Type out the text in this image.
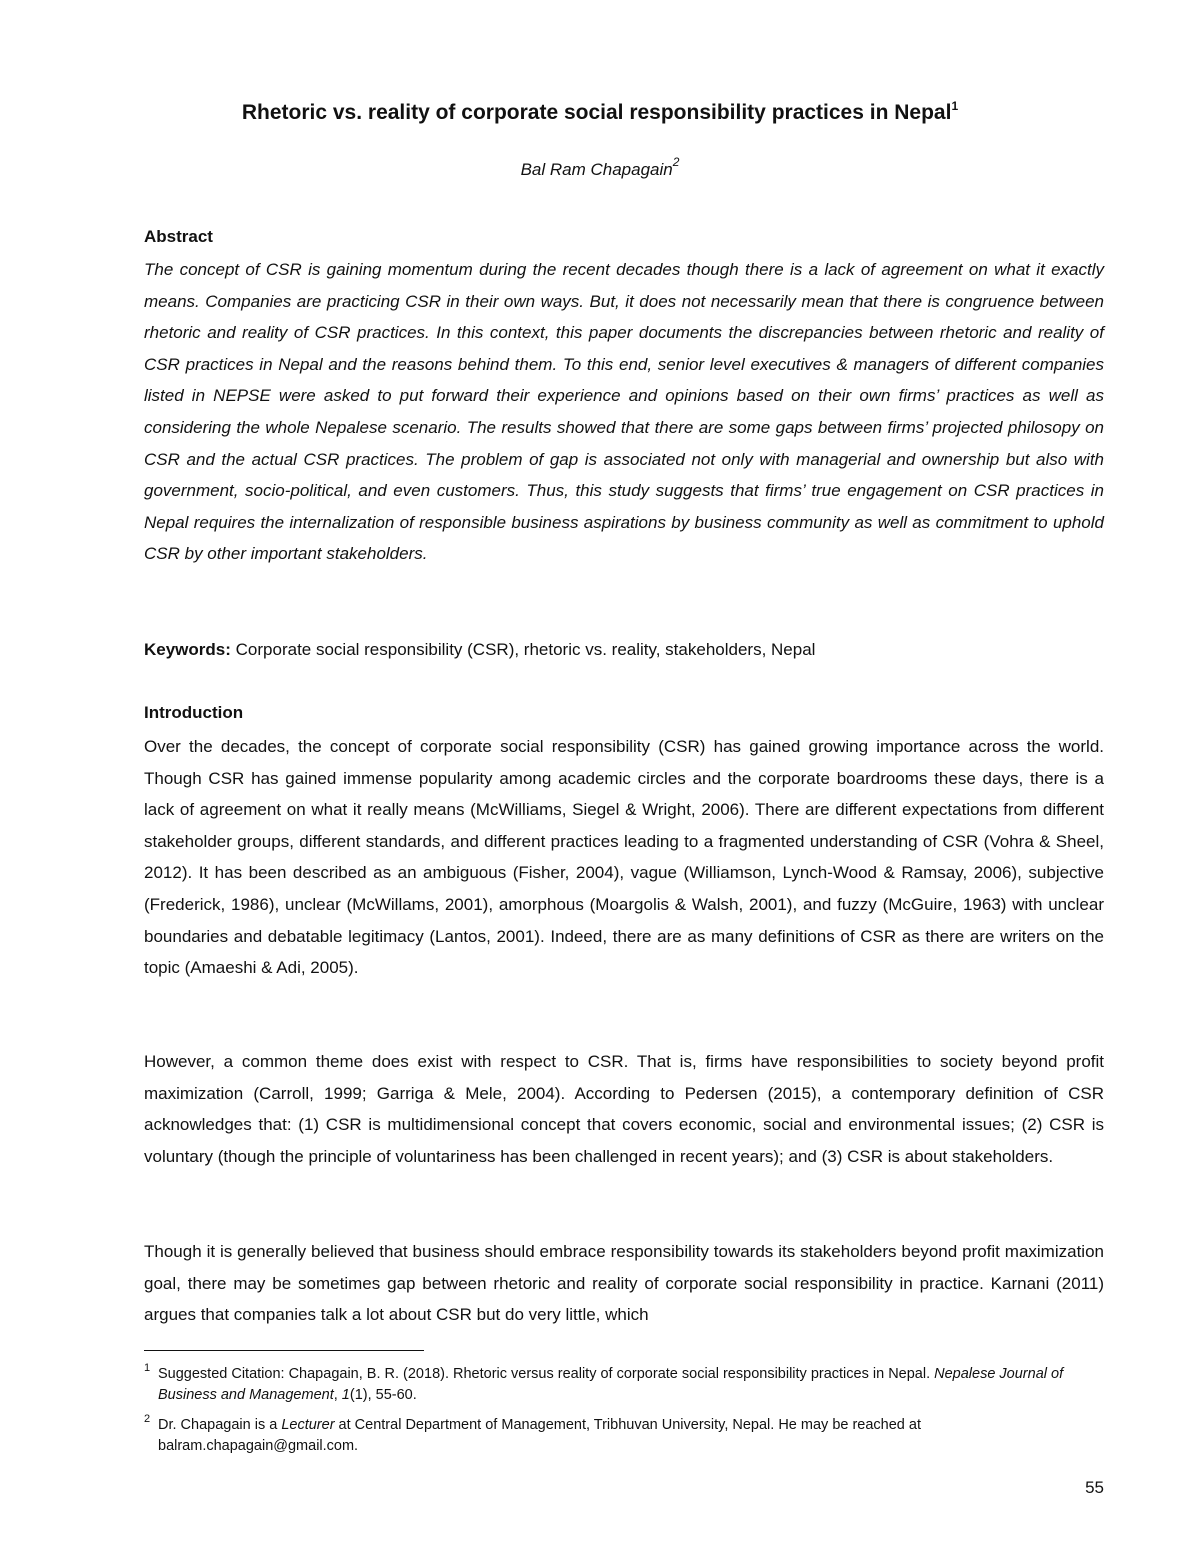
Rhetoric vs. reality of corporate social responsibility practices in Nepal$^1$
Bal Ram Chapagain$^2$
Abstract
The concept of CSR is gaining momentum during the recent decades though there is a lack of agreement on what it exactly means. Companies are practicing CSR in their own ways. But, it does not necessarily mean that there is congruence between rhetoric and reality of CSR practices. In this context, this paper documents the discrepancies between rhetoric and reality of CSR practices in Nepal and the reasons behind them. To this end, senior level executives & managers of different companies listed in NEPSE were asked to put forward their experience and opinions based on their own firms’ practices as well as considering the whole Nepalese scenario. The results showed that there are some gaps between firms’ projected philosopy on CSR and the actual CSR practices. The problem of gap is associated not only with managerial and ownership but also with government, socio-political, and even customers. Thus, this study suggests that firms’ true engagement on CSR practices in Nepal requires the internalization of responsible business aspirations by business community as well as commitment to uphold CSR by other important stakeholders.
Keywords: Corporate social responsibility (CSR), rhetoric vs. reality, stakeholders, Nepal
Introduction
Over the decades, the concept of corporate social responsibility (CSR) has gained growing importance across the world. Though CSR has gained immense popularity among academic circles and the corporate boardrooms these days, there is a lack of agreement on what it really means (McWilliams, Siegel & Wright, 2006). There are different expectations from different stakeholder groups, different standards, and different practices leading to a fragmented understanding of CSR (Vohra & Sheel, 2012). It has been described as an ambiguous (Fisher, 2004), vague (Williamson, Lynch-Wood & Ramsay, 2006), subjective (Frederick, 1986), unclear (McWillams, 2001), amorphous (Moargolis & Walsh, 2001), and fuzzy (McGuire, 1963) with unclear boundaries and debatable legitimacy (Lantos, 2001). Indeed, there are as many definitions of CSR as there are writers on the topic (Amaeshi & Adi, 2005).
However, a common theme does exist with respect to CSR. That is, firms have responsibilities to society beyond profit maximization (Carroll, 1999; Garriga & Mele, 2004). According to Pedersen (2015), a contemporary definition of CSR acknowledges that: (1) CSR is multidimensional concept that covers economic, social and environmental issues; (2) CSR is voluntary (though the principle of voluntariness has been challenged in recent years); and (3) CSR is about stakeholders.
Though it is generally believed that business should embrace responsibility towards its stakeholders beyond profit maximization goal, there may be sometimes gap between rhetoric and reality of corporate social responsibility in practice. Karnani (2011) argues that companies talk a lot about CSR but do very little, which
1 Suggested Citation: Chapagain, B. R. (2018). Rhetoric versus reality of corporate social responsibility practices in Nepal. Nepalese Journal of Business and Management, 1(1), 55-60.
2 Dr. Chapagain is a Lecturer at Central Department of Management, Tribhuvan University, Nepal. He may be reached at balram.chapagain@gmail.com.
55
